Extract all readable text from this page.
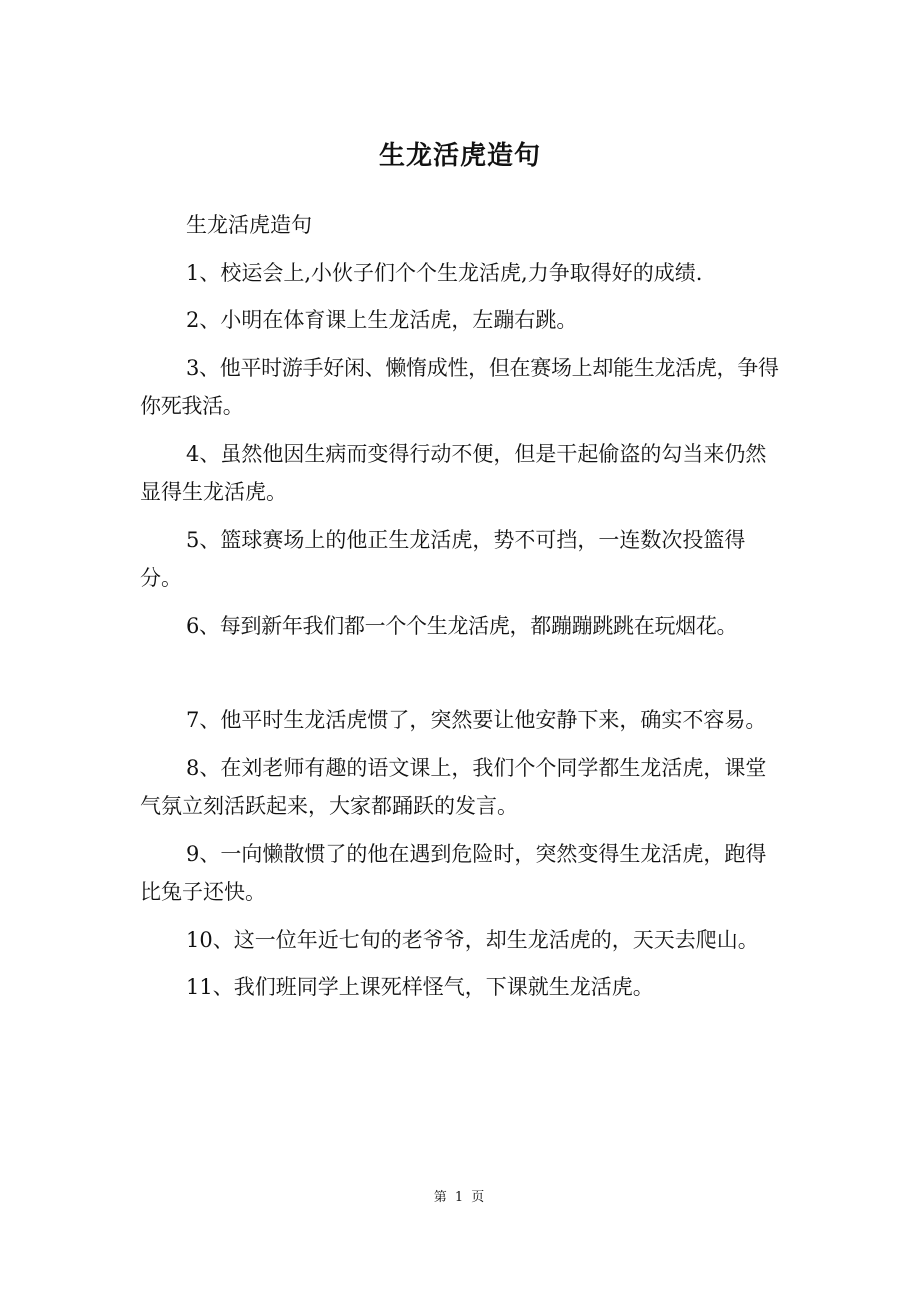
生龙活虎造句

生龙活虎造句

1、校运会上,小伙子们个个生龙活虎,力争取得好的成绩.

2、小明在体育课上生龙活虎，左蹦右跳。

3、他平时游手好闲、懒惰成性，但在赛场上却能生龙活虎，争得你死我活。

4、虽然他因生病而变得行动不便，但是干起偷盗的勾当来仍然显得生龙活虎。

5、篮球赛场上的他正生龙活虎，势不可挡，一连数次投篮得分。

6、每到新年我们都一个个生龙活虎，都蹦蹦跳跳在玩烟花。

7、他平时生龙活虎惯了，突然要让他安静下来，确实不容易。

8、在刘老师有趣的语文课上，我们个个同学都生龙活虎，课堂气氛立刻活跃起来，大家都踊跃的发言。

9、一向懒散惯了的他在遇到危险时，突然变得生龙活虎，跑得比兔子还快。

10、这一位年近七旬的老爷爷，却生龙活虎的，天天去爬山。

11、我们班同学上课死样怪气，下课就生龙活虎。

第 1 页
